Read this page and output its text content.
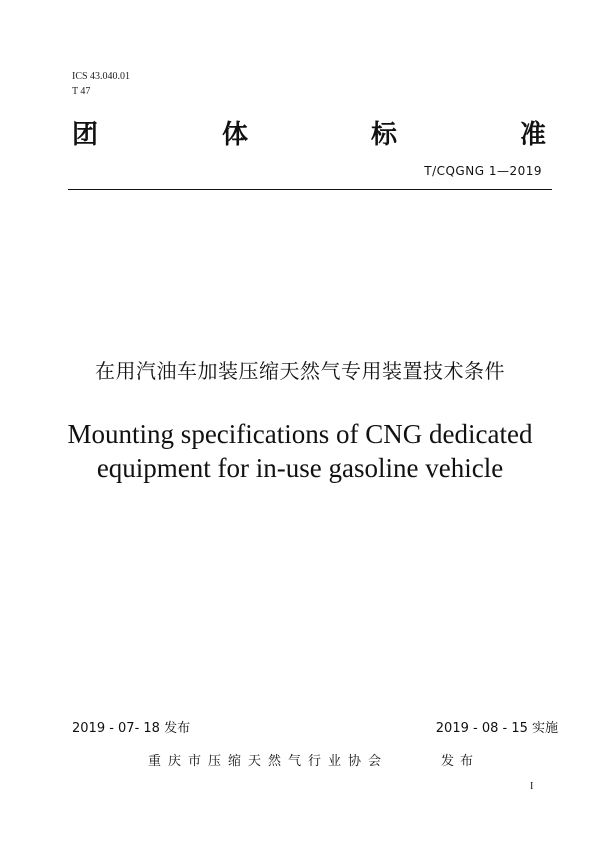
ICS 43.040.01
T 47
团	体	标	准
T/CQGNG 1—2019
在用汽油车加装压缩天然气专用装置技术条件
Mounting specifications of CNG dedicated
equipment for in-use gasoline vehicle
2019 - 07- 18 发布	2019 - 08 - 15 实施
重庆市压缩天然气行业协会	发布
I
